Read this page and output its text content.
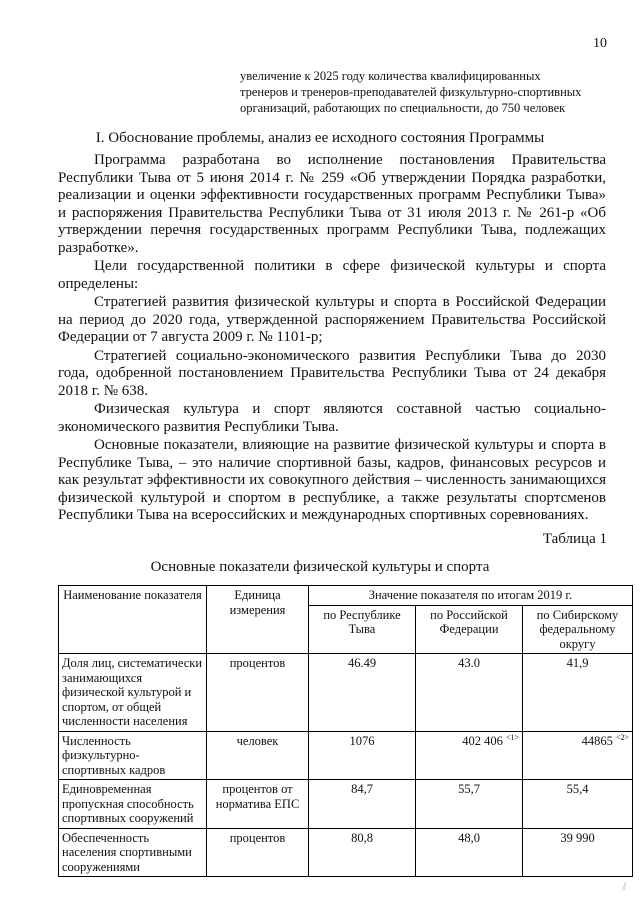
10
увеличение к 2025 году количества квалифицированных тренеров и тренеров-преподавателей физкультурно-спортивных организаций, работающих по специальности, до 750 человек
I. Обоснование проблемы, анализ ее исходного состояния Программы

Программа разработана во исполнение постановления Правительства Республики Тыва от 5 июня 2014 г. № 259 «Об утверждении Порядка разработки, реализации и оценки эффективности государственных программ Республики Тыва» и распоряжения Правительства Республики Тыва от 31 июля 2013 г. № 261-р «Об утверждении перечня государственных программ Республики Тыва, подлежащих разработке».

Цели государственной политики в сфере физической культуры и спорта определены:

Стратегией развития физической культуры и спорта в Российской Федерации на период до 2020 года, утвержденной распоряжением Правительства Российской Федерации от 7 августа 2009 г. № 1101-р;

Стратегией социально-экономического развития Республики Тыва до 2030 года, одобренной постановлением Правительства Республики Тыва от 24 декабря 2018 г. № 638.

Физическая культура и спорт являются составной частью социально-экономического развития Республики Тыва.

Основные показатели, влияющие на развитие физической культуры и спорта в Республике Тыва, – это наличие спортивной базы, кадров, финансовых ресурсов и как результат эффективности их совокупного действия – численность занимающихся физической культурой и спортом в республике, а также результаты спортсменов Республики Тыва на всероссийских и международных спортивных соревнованиях.

Таблица 1
Основные показатели физической культуры и спорта
Наименование показателя	Единица измерения	Значение показателя по итогам 2019 г.		
		по Республике Тыва	по Российской Федерации	по Сибирскому федеральному округу
Доля лиц, систематически занимающихся физической культурой и спортом, от общей численности населения	процентов	46.49	43.0	41,9
Численность физкультурно-спортивных кадров	человек	1076	402 406 $^{<1>}$	44865 $^{<2>}$
Единовременная пропускная способность спортивных сооружений	процентов от норматива ЕПС	84,7	55,7	55,4
Обеспеченность населения спортивными сооружениями	процентов	80,8	48,0	39 990
⁄⁄
